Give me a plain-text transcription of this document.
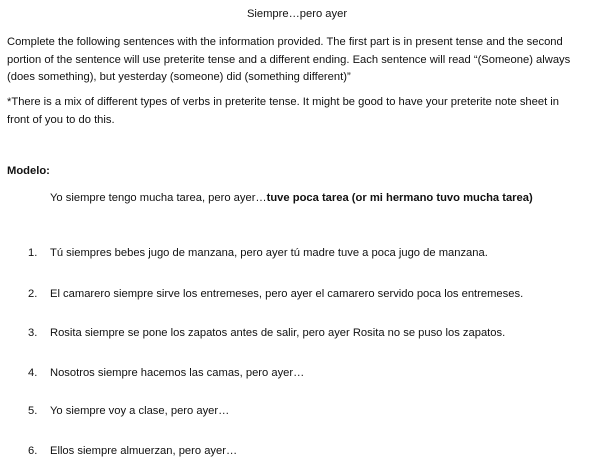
Siempre…pero ayer
Complete the following sentences with the information provided. The first part is in present tense and the second portion of the sentence will use preterite tense and a different ending. Each sentence will read “(Someone) always (does something), but yesterday (someone) did (something different)”
*There is a mix of different types of verbs in preterite tense. It might be good to have your preterite note sheet in front of you to do this.
Modelo:
Yo siempre tengo mucha tarea, pero ayer…tuve poca tarea (or mi hermano tuvo mucha tarea)
1. Tú siempres bebes jugo de manzana, pero ayer tú madre tuve a poca jugo de manzana.
2. El camarero siempre sirve los entremeses, pero ayer el camarero servido poca los entremeses.
3. Rosita siempre se pone los zapatos antes de salir, pero ayer Rosita no se puso los zapatos.
4. Nosotros siempre hacemos las camas, pero ayer…
5. Yo siempre voy a clase, pero ayer…
6. Ellos siempre almuerzan, pero ayer…
